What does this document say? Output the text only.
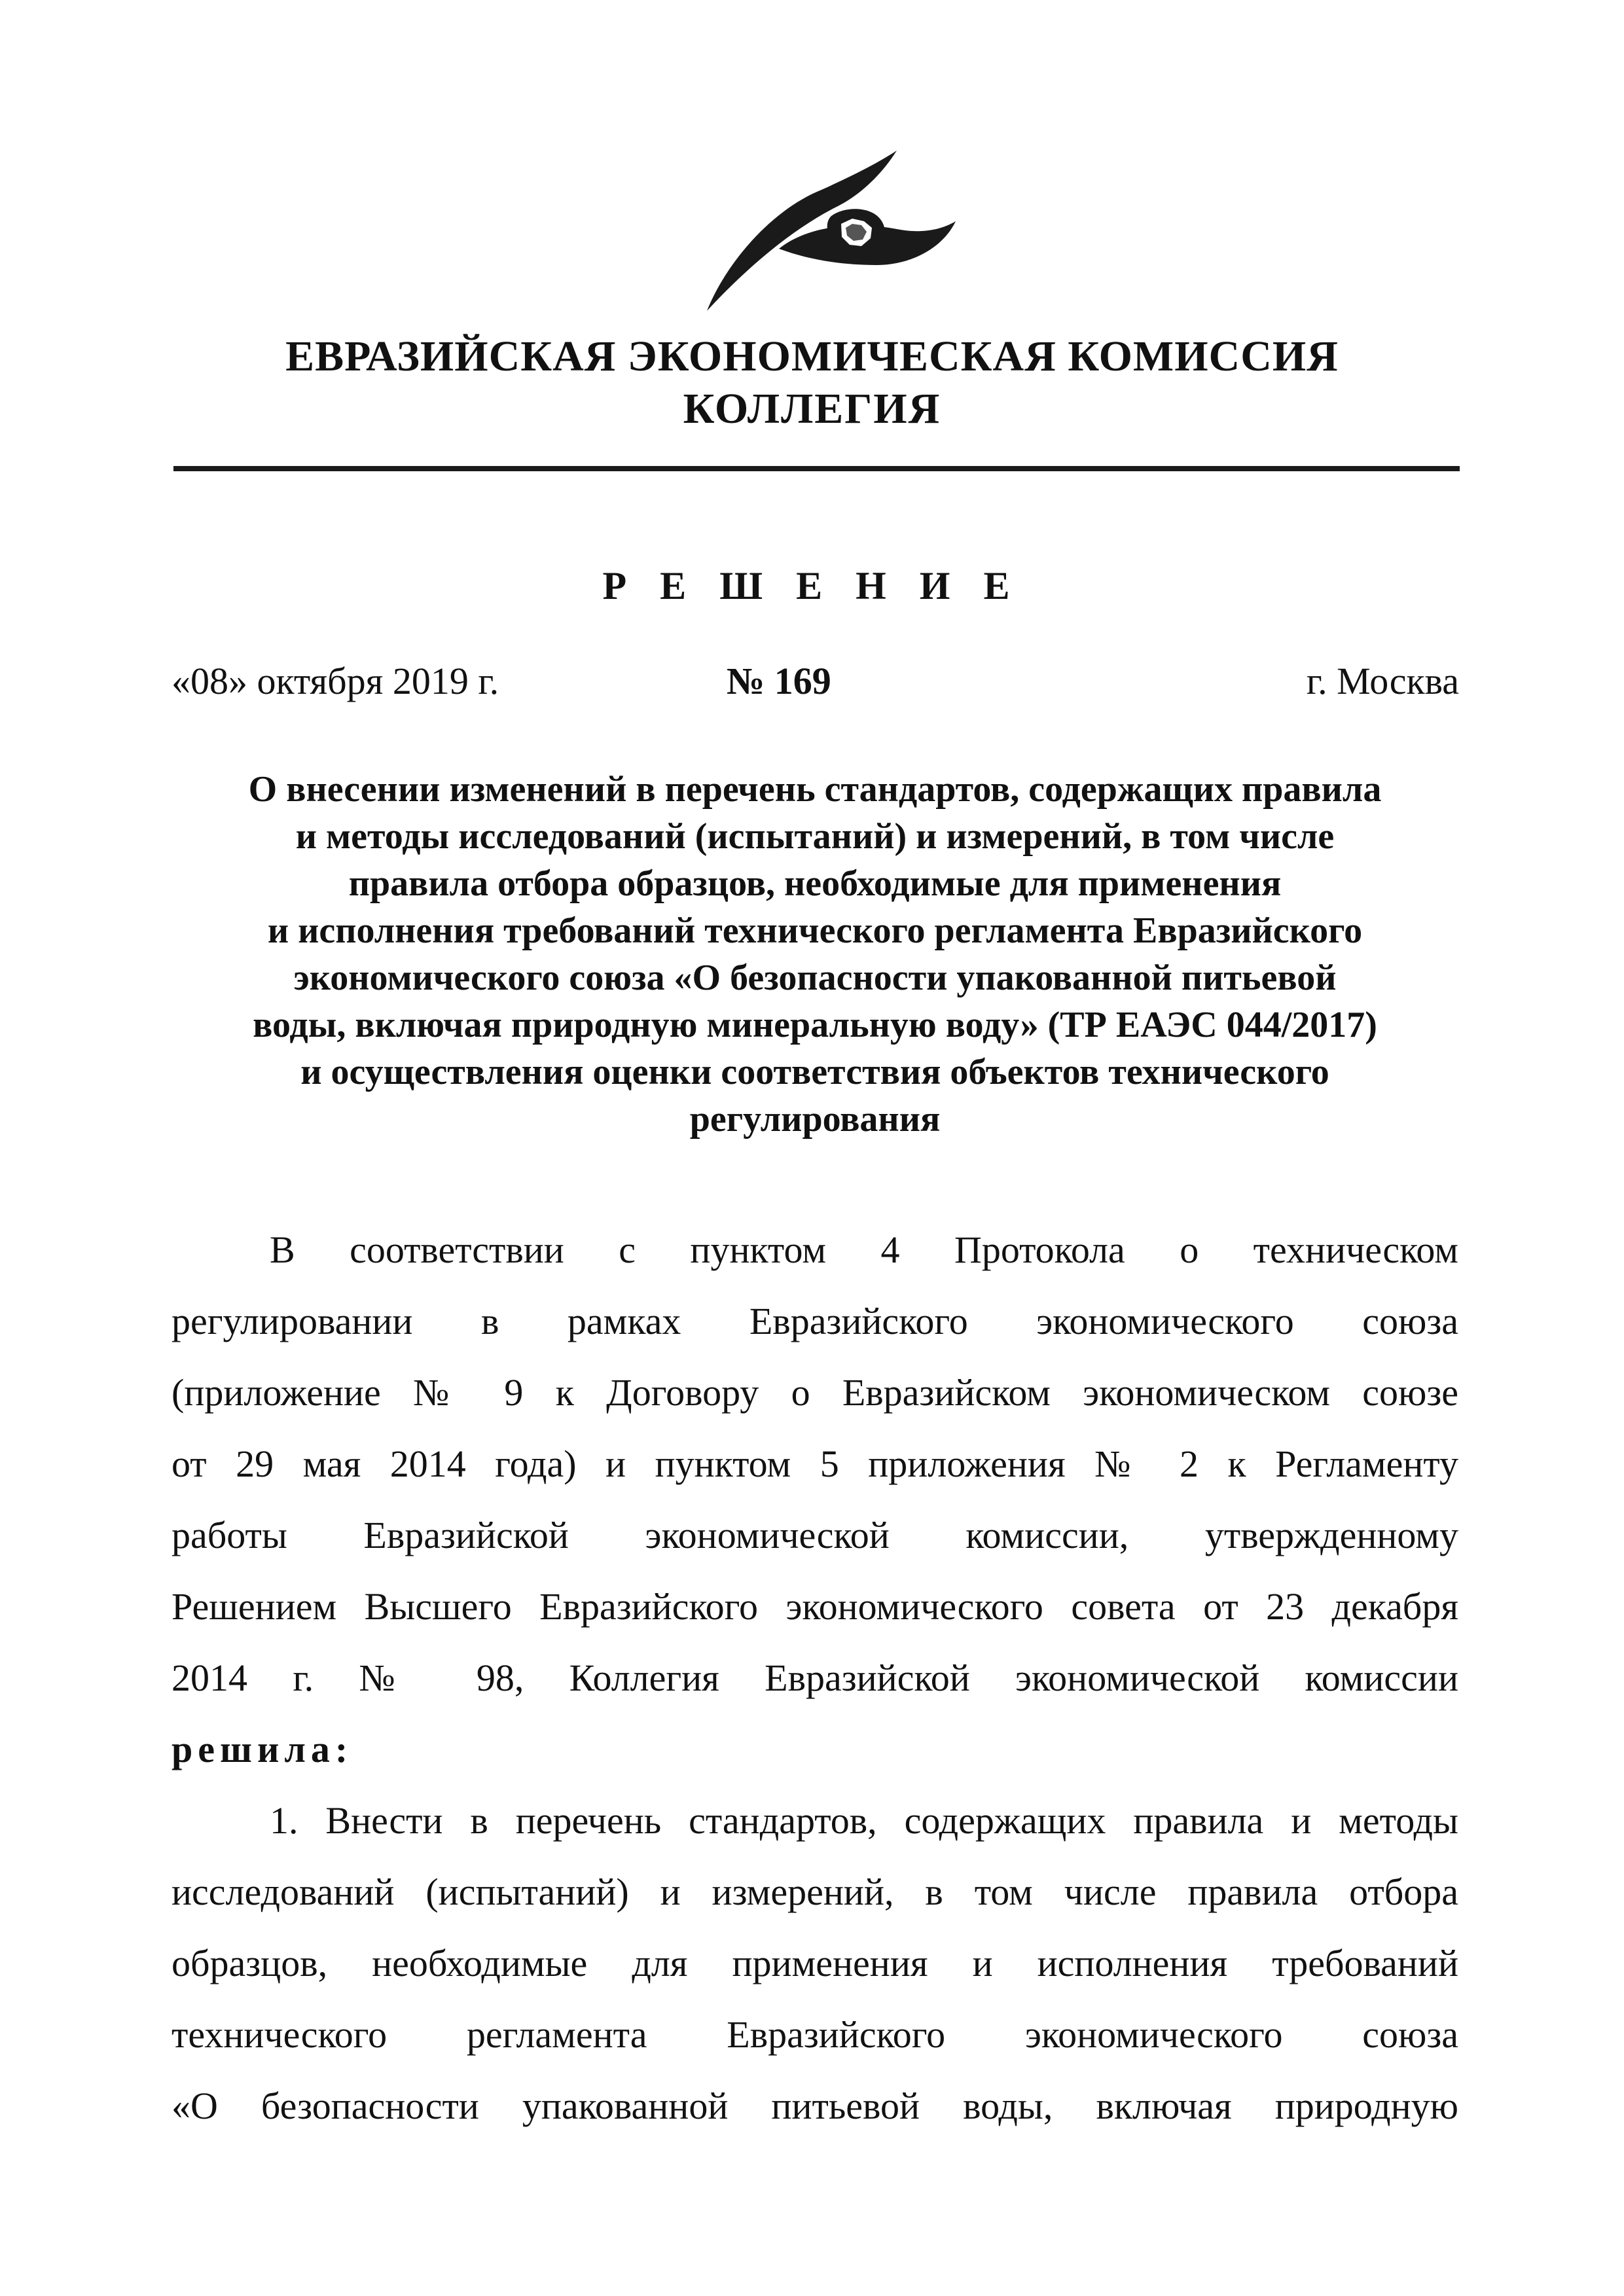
ЕВРАЗИЙСКАЯ ЭКОНОМИЧЕСКАЯ КОМИССИЯ
КОЛЛЕГИЯ
Р Е Ш Е Н И Е
«08» октября 2019 г.	№ 169	г. Москва
О внесении изменений в перечень стандартов, содержащих правила
и методы исследований (испытаний) и измерений, в том числе
правила отбора образцов, необходимые для применения
и исполнения требований технического регламента Евразийского
экономического союза «О безопасности упакованной питьевой
воды, включая природную минеральную воду» (ТР ЕАЭС 044/2017)
и осуществления оценки соответствия объектов технического
регулирования
В соответствии с пунктом 4 Протокола о техническом
регулировании в рамках Евразийского экономического союза
(приложение № 9 к Договору о Евразийском экономическом союзе
от 29 мая 2014 года) и пунктом 5 приложения № 2 к Регламенту
работы Евразийской экономической комиссии, утвержденному
Решением Высшего Евразийского экономического совета от 23 декабря
2014 г. № 98, Коллегия Евразийской экономической комиссии
решила:
1. Внести в перечень стандартов, содержащих правила и методы
исследований (испытаний) и измерений, в том числе правила отбора
образцов, необходимые для применения и исполнения требований
технического регламента Евразийского экономического союза
«О безопасности упакованной питьевой воды, включая природную
